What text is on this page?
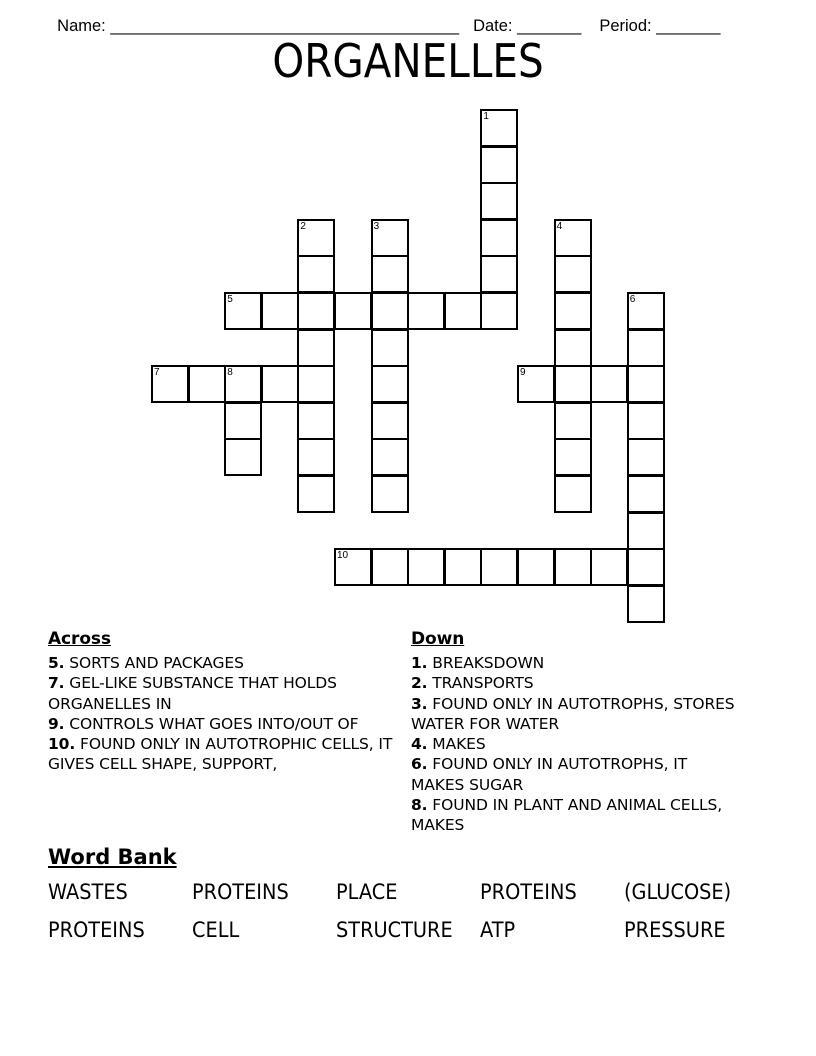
Name: ______________________________________ Date: _______ Period: _______

ORGANELLES
1
2	3	4
5	6
7	8	9
10
Across
5. SORTS AND PACKAGES
7. GEL-LIKE SUBSTANCE THAT HOLDS ORGANELLES IN
9. CONTROLS WHAT GOES INTO/OUT OF
10. FOUND ONLY IN AUTOTROPHIC CELLS, IT GIVES CELL SHAPE, SUPPORT,
Down
1. BREAKSDOWN
2. TRANSPORTS
3. FOUND ONLY IN AUTOTROPHS, STORES WATER FOR WATER
4. MAKES
6. FOUND ONLY IN AUTOTROPHS, IT MAKES SUGAR
8. FOUND IN PLANT AND ANIMAL CELLS, MAKES
Word Bank
WASTES	PROTEINS	PLACE	PROTEINS	(GLUCOSE)
PROTEINS	CELL	STRUCTURE	ATP	PRESSURE
